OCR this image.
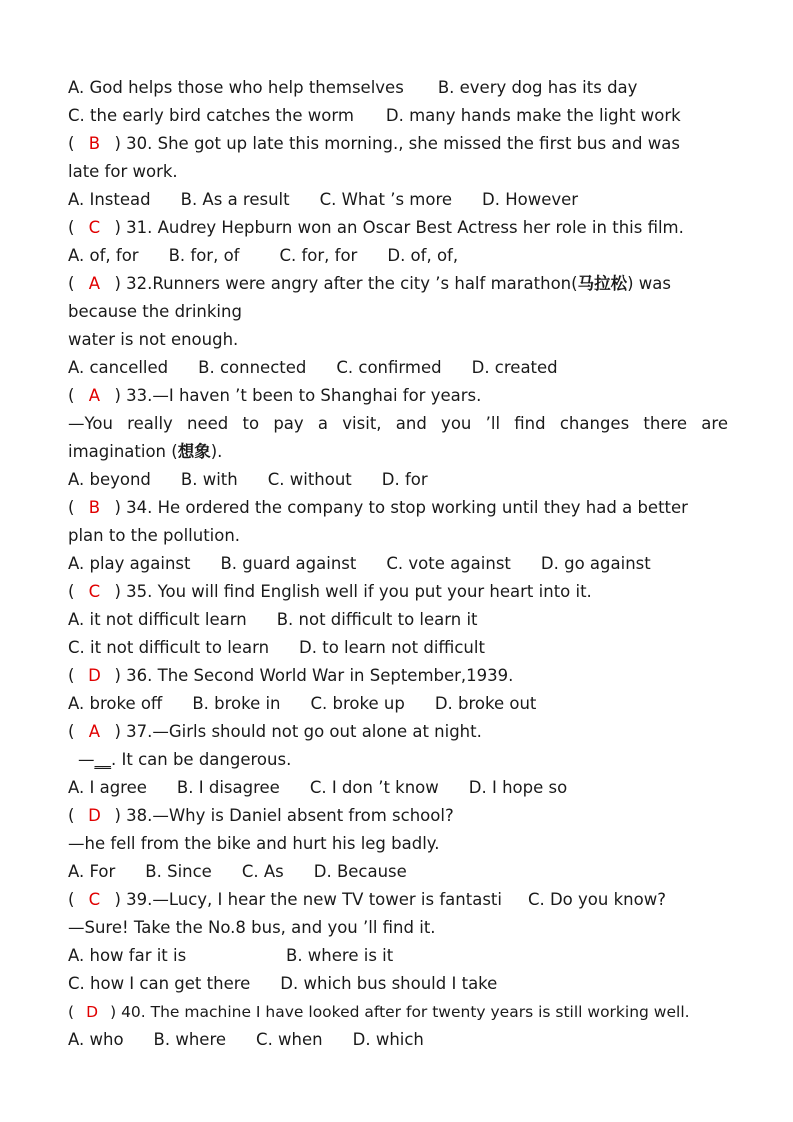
A. God helps those who help themselves B. every dog has its day
C. the early bird catches the worm D. many hands make the light work
( B ) 30. She got up late this morning., she missed the first bus and was
late for work.
A. Instead B. As a result C. What ’s more D. However
( C ) 31. Audrey Hepburn won an Oscar Best Actress her role in this film.
A. of, for B. for, of C. for, for D. of, of,
( A ) 32.Runners were angry after the city ’s half marathon(马拉松) was
because the drinking
water is not enough.
A. cancelled B. connected C. confirmed D. created
( A ) 33.—I haven ’t been to Shanghai for years.
—You really need to pay a visit, and you ’ll find changes there are
imagination (想象).
A. beyond B. with C. without D. for
( B ) 34. He ordered the company to stop working until they had a better
plan to the pollution.
A. play against B. guard against C. vote against D. go against
( C ) 35. You will find English well if you put your heart into it.
A. it not difficult learn B. not difficult to learn it
C. it not difficult to learn D. to learn not difficult
( D ) 36. The Second World War in September,1939.
A. broke off B. broke in C. broke up D. broke out
( A ) 37.—Girls should not go out alone at night.
—__. It can be dangerous.
A. I agree B. I disagree C. I don ’t know D. I hope so
( D ) 38.—Why is Daniel absent from school?
—he fell from the bike and hurt his leg badly.
A. For B. Since C. As D. Because
( C ) 39.—Lucy, I hear the new TV tower is fantasti C. Do you know?
—Sure! Take the No.8 bus, and you ’ll find it.
A. how far it is	B. where is it
C. how I can get there D. which bus should I take
( D ) 40. The machine I have looked after for twenty years is still working well.
A. who B. where C. when D. which
